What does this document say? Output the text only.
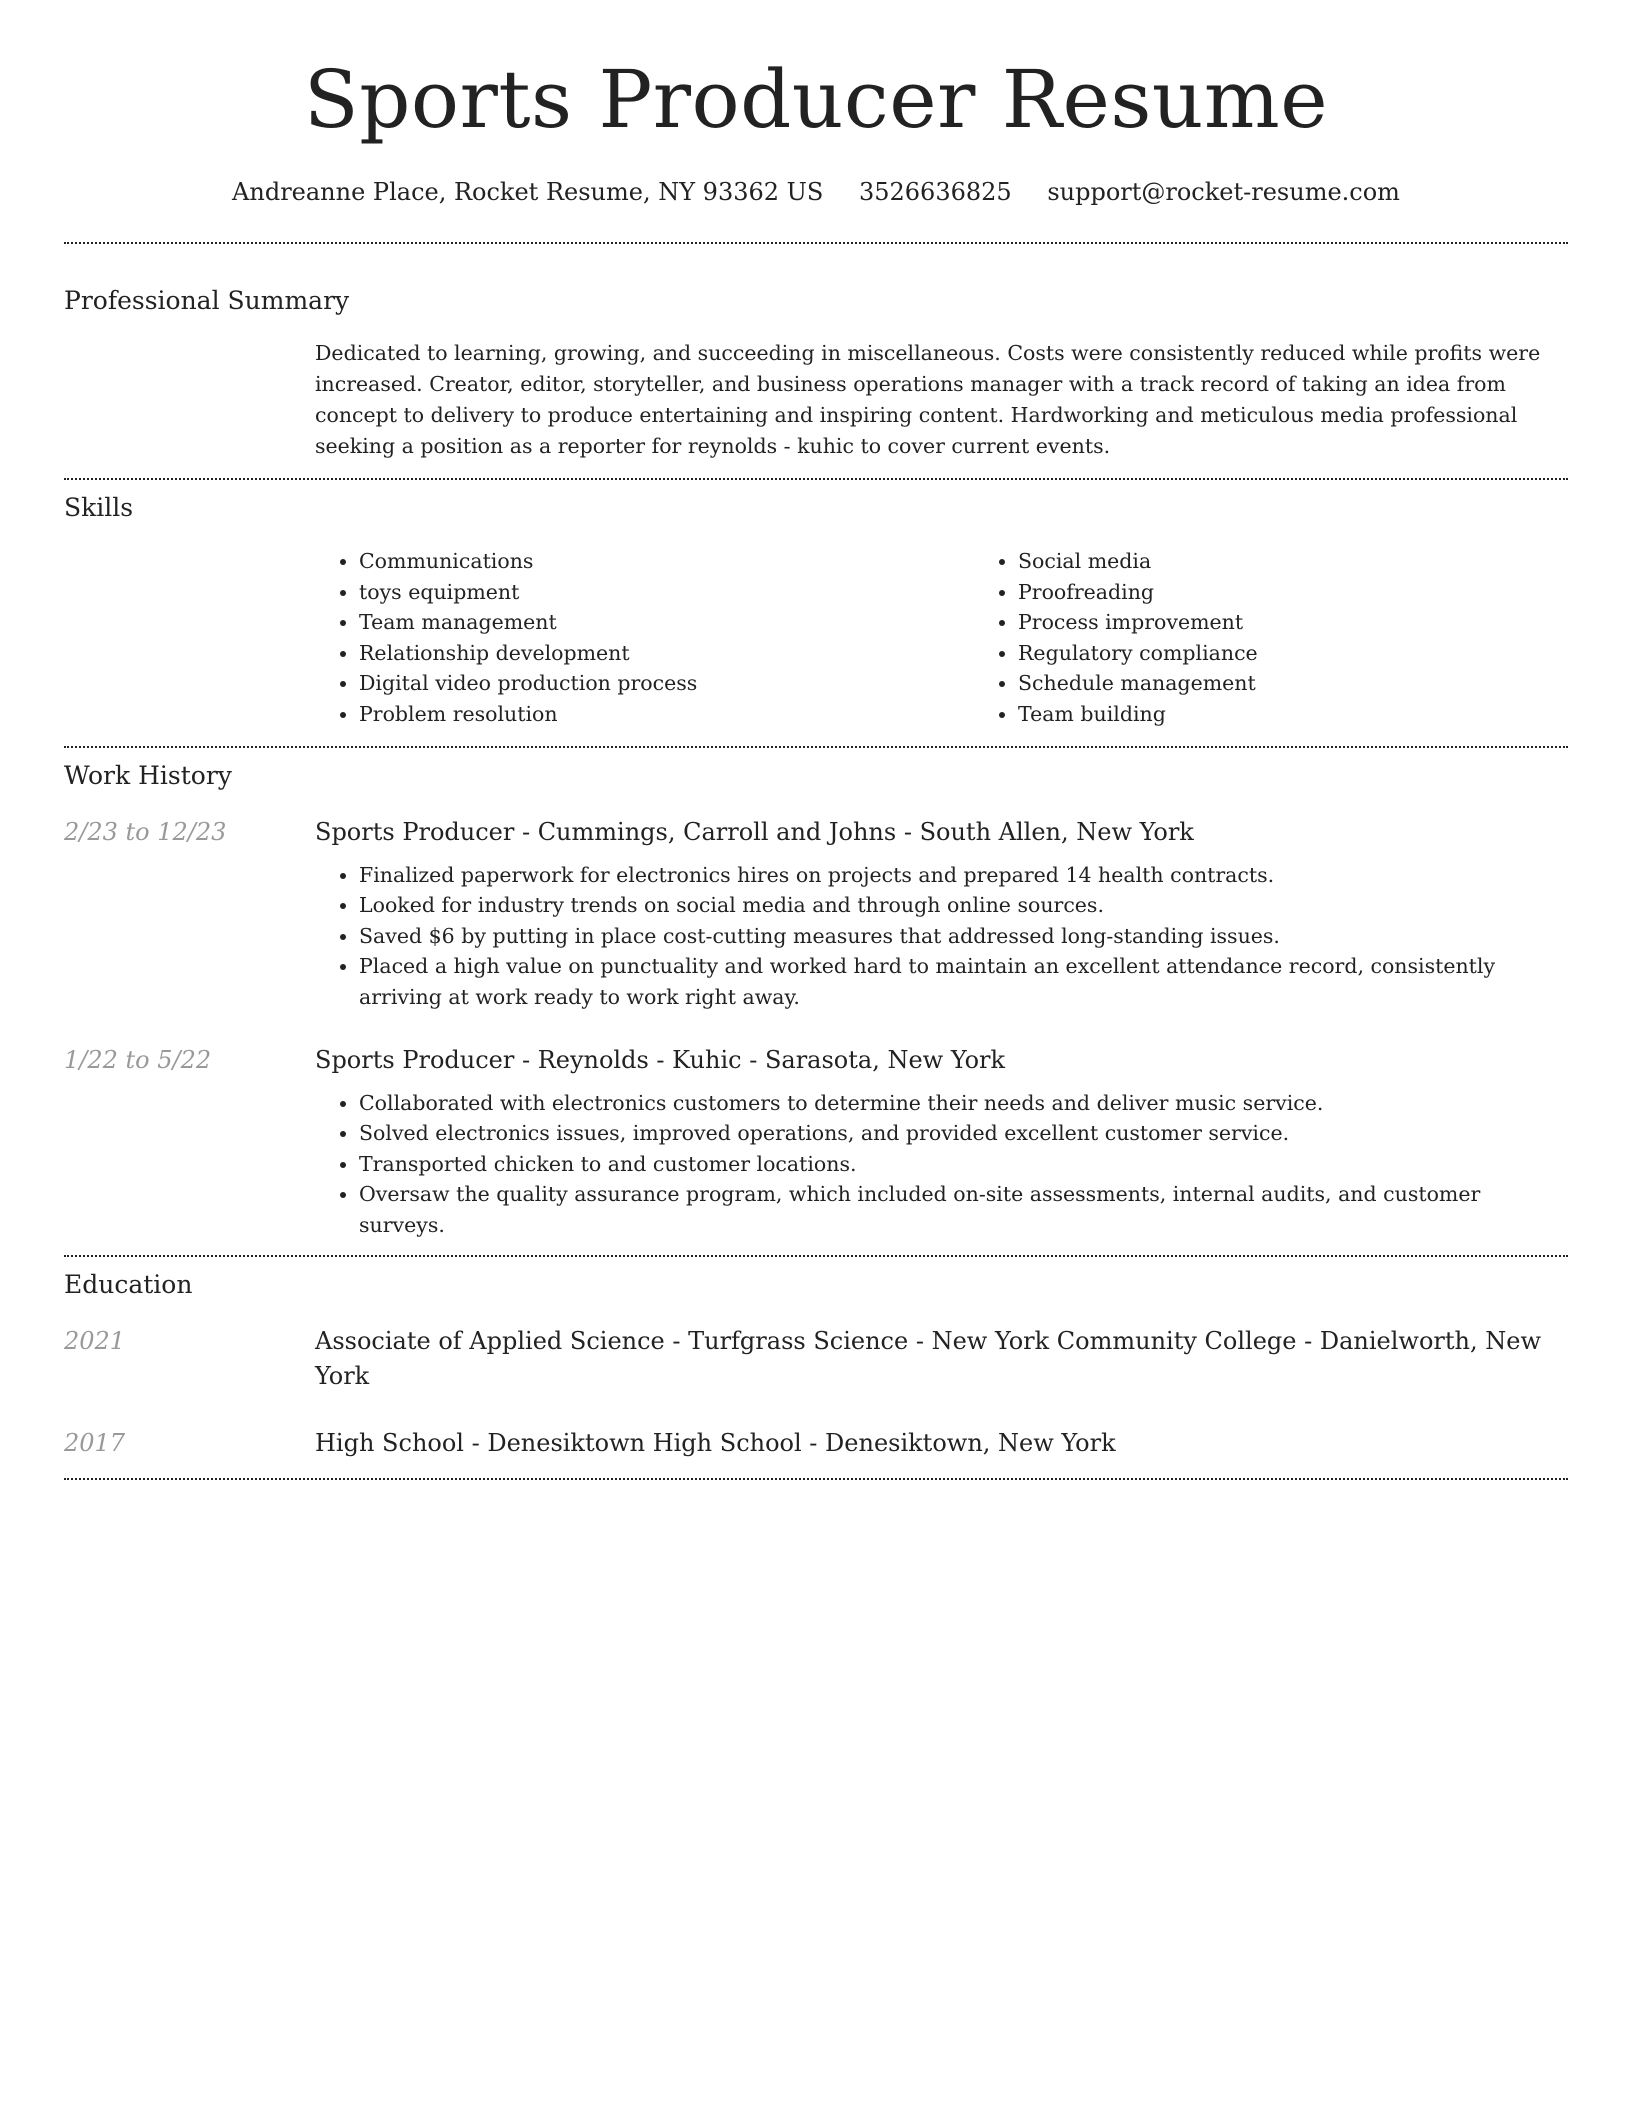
Sports Producer Resume
Andreanne Place, Rocket Resume, NY 93362 US 3526636825 support@rocket-resume.com
Professional Summary

Dedicated to learning, growing, and succeeding in miscellaneous. Costs were consistently reduced while profits were increased. Creator, editor, storyteller, and business operations manager with a track record of taking an idea from concept to delivery to produce entertaining and inspiring content. Hardworking and meticulous media professional seeking a position as a reporter for reynolds - kuhic to cover current events.

Skills
• Communications
• toys equipment
• Team management
• Relationship development
• Digital video production process
• Problem resolution
• Social media
• Proofreading
• Process improvement
• Regulatory compliance
• Schedule management
• Team building
Work History
2/23 to 12/23	Sports Producer - Cummings, Carroll and Johns - South Allen, New York
• Finalized paperwork for electronics hires on projects and prepared 14 health contracts.
• Looked for industry trends on social media and through online sources.
• Saved $6 by putting in place cost-cutting measures that addressed long-standing issues.
• Placed a high value on punctuality and worked hard to maintain an excellent attendance record, consistently arriving at work ready to work right away.
1/22 to 5/22	Sports Producer - Reynolds - Kuhic - Sarasota, New York
• Collaborated with electronics customers to determine their needs and deliver music service.
• Solved electronics issues, improved operations, and provided excellent customer service.
• Transported chicken to and customer locations.
• Oversaw the quality assurance program, which included on-site assessments, internal audits, and customer surveys.
Education
2021	Associate of Applied Science - Turfgrass Science - New York Community College - Danielworth, New York
2017	High School - Denesiktown High School - Denesiktown, New York
